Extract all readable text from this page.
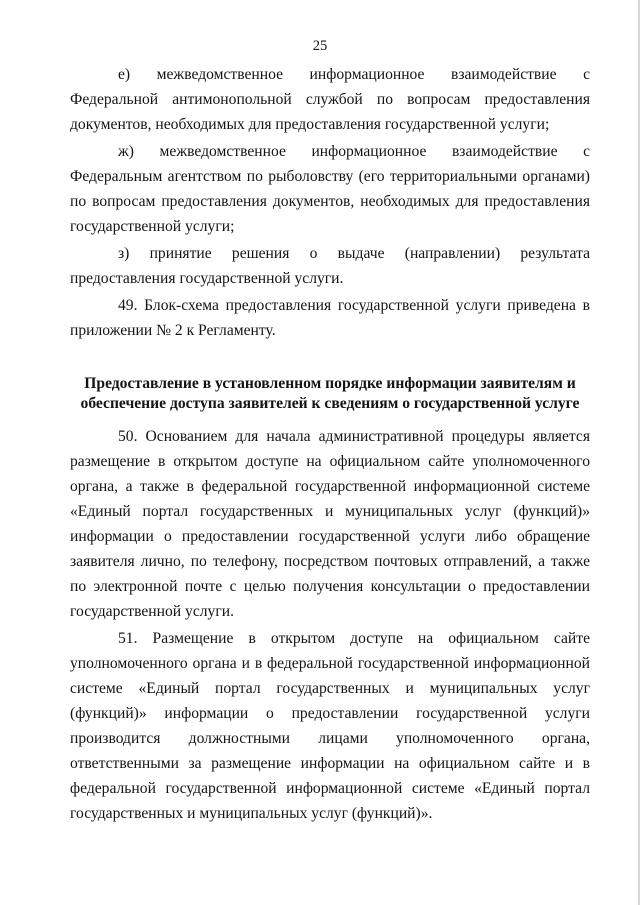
25

е) межведомственное информационное взаимодействие с Федеральной антимонопольной службой по вопросам предоставления документов, необходимых для предоставления государственной услуги;

ж) межведомственное информационное взаимодействие с Федеральным агентством по рыболовству (его территориальными органами) по вопросам предоставления документов, необходимых для предоставления государственной услуги;

з) принятие решения о выдаче (направлении) результата предоставления государственной услуги.

49. Блок-схема предоставления государственной услуги приведена в приложении № 2 к Регламенту.

Предоставление в установленном порядке информации заявителям и
обеспечение доступа заявителей к сведениям о государственной услуге

50. Основанием для начала административной процедуры является размещение в открытом доступе на официальном сайте уполномоченного органа, а также в федеральной государственной информационной системе «Единый портал государственных и муниципальных услуг (функций)» информации о предоставлении государственной услуги либо обращение заявителя лично, по телефону, посредством почтовых отправлений, а также по электронной почте с целью получения консультации о предоставлении государственной услуги.

51. Размещение в открытом доступе на официальном сайте уполномоченного органа и в федеральной государственной информационной системе «Единый портал государственных и муниципальных услуг (функций)» информации о предоставлении государственной услуги производится должностными лицами уполномоченного органа, ответственными за размещение информации на официальном сайте и в федеральной государственной информационной системе «Единый портал государственных и муниципальных услуг (функций)».
